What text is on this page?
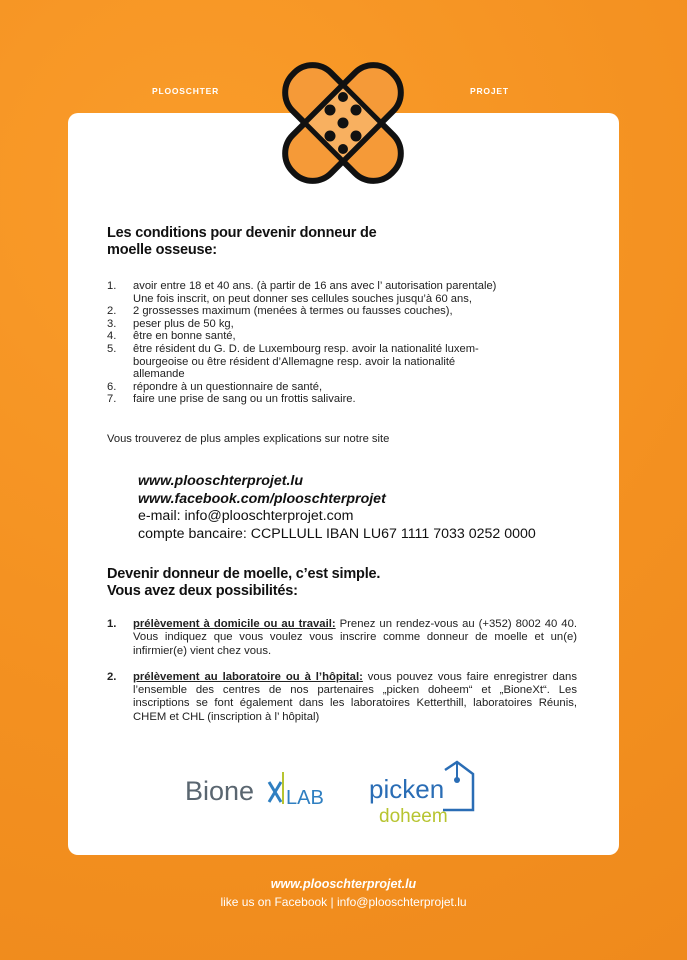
PLOOSCHTER	PROJET
Les conditions pour devenir donneur de
moelle osseuse:
1. avoir entre 18 et 40 ans. (à partir de 16 ans avec l’ autorisation parentale)
Une fois inscrit, on peut donner ses cellules souches jusqu’à 60 ans,
2. 2 grossesses maximum (menées à termes ou fausses couches),
3. peser plus de 50 kg,
4. être en bonne santé,
5. être résident du G. D. de Luxembourg resp. avoir la nationalité luxem-
bourgeoise ou être résident d’Allemagne resp. avoir la nationalité
allemande
6. répondre à un questionnaire de santé,
7. faire une prise de sang ou un frottis salivaire.
Vous trouverez de plus amples explications sur notre site
www.plooschterprojet.lu
www.facebook.com/plooschterprojet
e-mail: info@plooschterprojet.com
compte bancaire: CCPLLULL IBAN LU67 1111 7033 0252 0000
Devenir donneur de moelle, c’est simple.
Vous avez deux possibilités:
1. prélèvement à domicile ou au travail: Prenez un rendez-vous au (+352) 8002 40 40. Vous indiquez que vous voulez vous inscrire comme donneur de moelle et un(e) infirmier(e) vient chez vous.
2. prélèvement au laboratoire ou à l’hôpital: vous pouvez vous faire enregistrer dans l’ensemble des centres de nos partenaires „picken doheem“ et „BioneXt“. Les inscriptions se font également dans les laboratoires Ketterthill, laboratoires Réunis, CHEM et CHL (inscription à l’ hôpital)
Bione LAB picken
doheem
www.plooschterprojet.lu
like us on Facebook | info@plooschterprojet.lu
